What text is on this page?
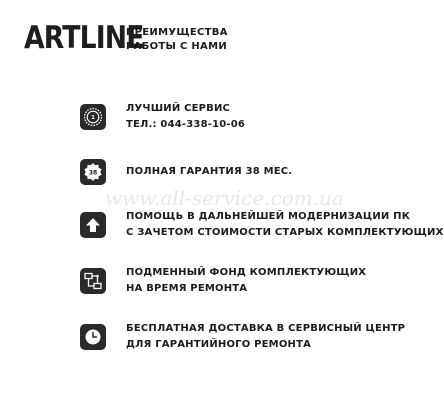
ARTLINE
ПРЕИМУЩЕСТВА
РАБОТЫ С НАМИ
1
ЛУЧШИЙ СЕРВИС
ТЕЛ.: 044-338-10-06
38	ПОЛНАЯ ГАРАНТИЯ 38 МЕС.
ПОМОЩЬ В ДАЛЬНЕЙШЕЙ МОДЕРНИЗАЦИИ ПК
С ЗАЧЕТОМ СТОИМОСТИ СТАРЫХ КОМПЛЕКТУЮЩИХ
ПОДМЕННЫЙ ФОНД КОМПЛЕКТУЮЩИХ
НА ВРЕМЯ РЕМОНТА
БЕСПЛАТНАЯ ДОСТАВКА В СЕРВИСНЫЙ ЦЕНТР
ДЛЯ ГАРАНТИЙНОГО РЕМОНТА
www.all-service.com.ua
